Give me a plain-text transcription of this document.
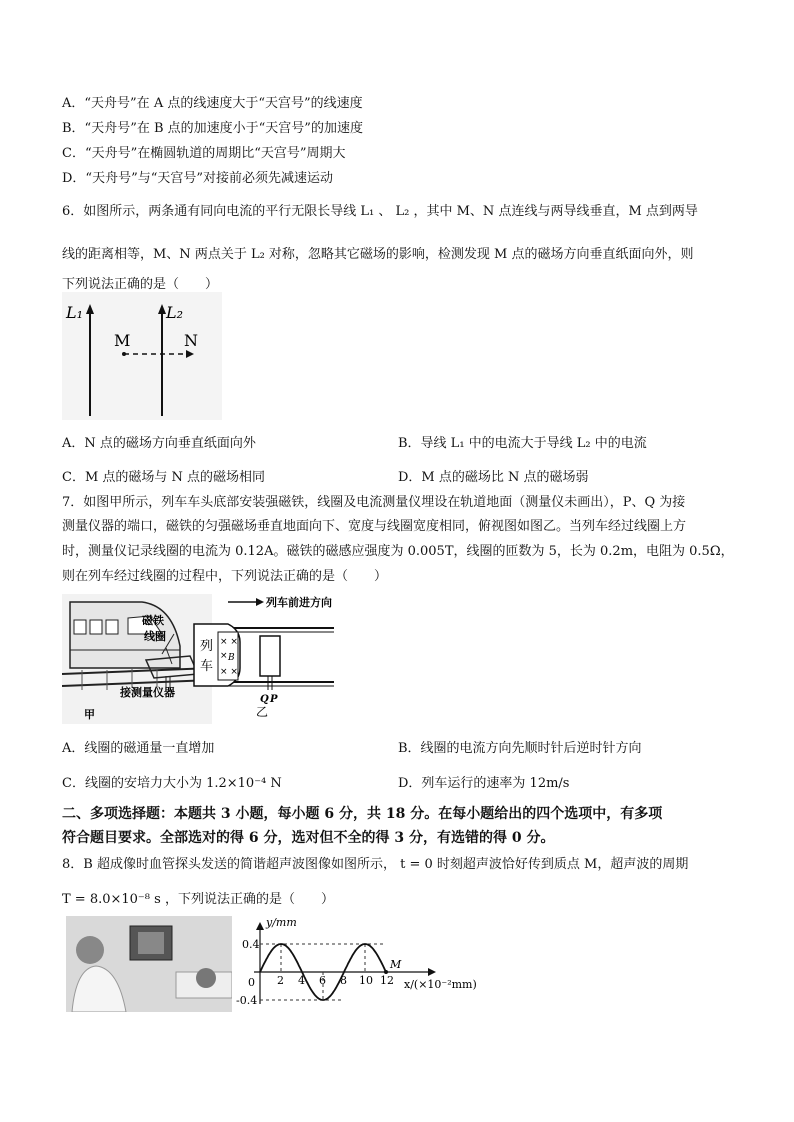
A．“天舟号”在 A 点的线速度大于“天宫号”的线速度
B．“天舟号”在 B 点的加速度小于“天宫号”的加速度
C．“天舟号”在椭圆轨道的周期比“天宫号”周期大
D．“天舟号”与“天宫号”对接前必须先减速运动
6．如图所示，两条通有同向电流的平行无限长导线 L₁ 、 L₂ ，其中 M、N 点连线与两导线垂直，M 点到两导
线的距离相等，M、N 两点关于 L₂ 对称，忽略其它磁场的影响，检测发现 M 点的磁场方向垂直纸面向外，则
下列说法正确的是（　　）
L₁	L₂
M	N
A．N 点的磁场方向垂直纸面向外	B．导线 L₁ 中的电流大于导线 L₂ 中的电流
C．M 点的磁场与 N 点的磁场相同	D．M 点的磁场比 N 点的磁场弱
7．如图甲所示，列车车头底部安装强磁铁，线圈及电流测量仪埋设在轨道地面（测量仪未画出），P、Q 为接
测量仪器的端口，磁铁的匀强磁场垂直地面向下、宽度与线圈宽度相同，俯视图如图乙。当列车经过线圈上方
时，测量仪记录线圈的电流为 0.12A。磁铁的磁感应强度为 0.005T，线圈的匝数为 5，长为 0.2m，电阻为 0.5Ω，
则在列车经过线圈的过程中，下列说法正确的是（　　）
磁铁
线圈
接测量仪器
甲
列车前进方向
× ×
×
× ×
B
列
车
Q P
乙
A．线圈的磁通量一直增加	B．线圈的电流方向先顺时针后逆时针方向
C．线圈的安培力大小为 1.2×10⁻⁴ N	D．列车运行的速率为 12m/s
二、多项选择题：本题共 3 小题，每小题 6 分，共 18 分。在每小题给出的四个选项中，有多项
符合题目要求。全部选对的得 6 分，选对但不全的得 3 分，有选错的得 0 分。
8．B 超成像时血管探头发送的简谐超声波图像如图所示， t = 0 时刻超声波恰好传到质点 M，超声波的周期
T = 8.0×10⁻⁸ s ，下列说法正确的是（　　）
0.4
-0.4
0
y/mm
2 4 6 8 10 12
M
x/(×10⁻²mm)
